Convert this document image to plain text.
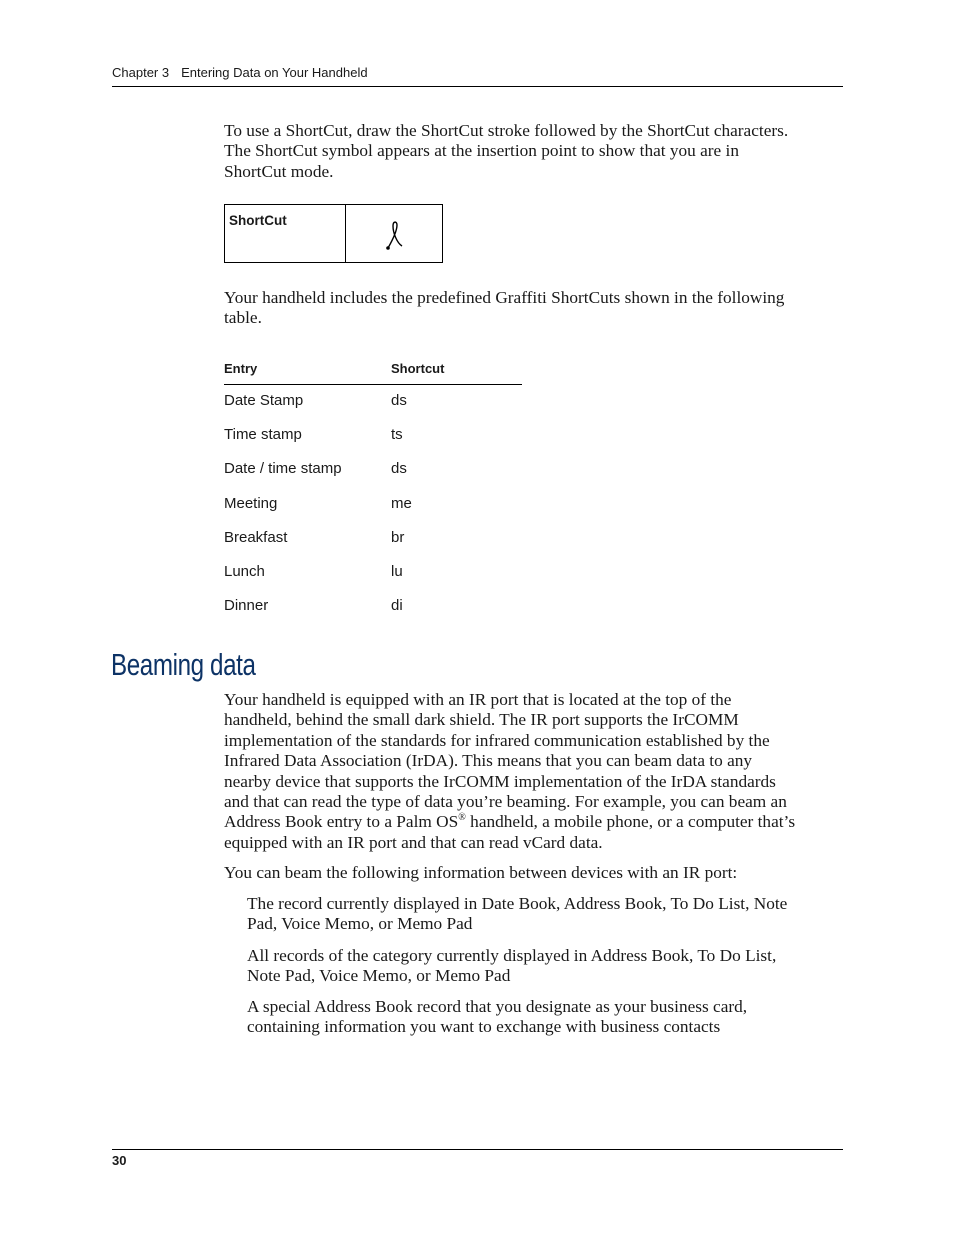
Chapter 3 Entering Data on Your Handheld
To use a ShortCut, draw the ShortCut stroke followed by the ShortCut characters.
The ShortCut symbol appears at the insertion point to show that you are in
ShortCut mode.
ShortCut
Your handheld includes the predefined Graffiti ShortCuts shown in the following
table.
Entry	Shortcut
Date Stamp	ds
Time stamp	ts
Date / time stamp	ds
Meeting	me
Breakfast	br
Lunch	lu
Dinner	di
Beaming data
Your handheld is equipped with an IR port that is located at the top of the
handheld, behind the small dark shield. The IR port supports the IrCOMM
implementation of the standards for infrared communication established by the
Infrared Data Association (IrDA). This means that you can beam data to any
nearby device that supports the IrCOMM implementation of the IrDA standards
and that can read the type of data you’re beaming. For example, you can beam an
Address Book entry to a Palm OS® handheld, a mobile phone, or a computer that’s
equipped with an IR port and that can read vCard data.
You can beam the following information between devices with an IR port:
The record currently displayed in Date Book, Address Book, To Do List, Note
Pad, Voice Memo, or Memo Pad
All records of the category currently displayed in Address Book, To Do List,
Note Pad, Voice Memo, or Memo Pad
A special Address Book record that you designate as your business card,
containing information you want to exchange with business contacts
30
